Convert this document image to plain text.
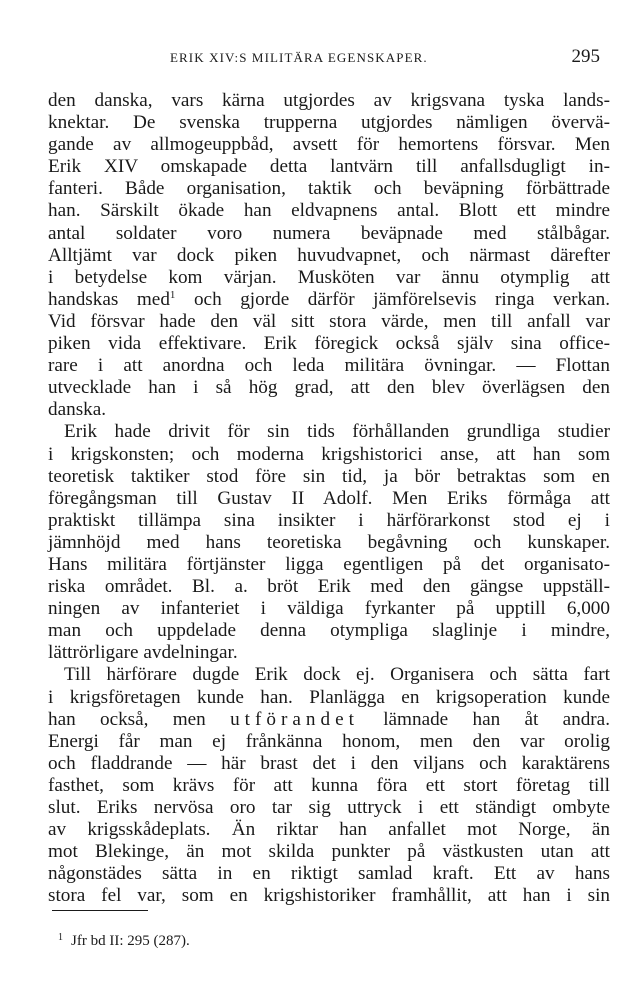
ERIK XIV:S MILITÄRA EGENSKAPER.	295
den danska, vars kärna utgjordes av krigsvana tyska lands-
knektar. De svenska trupperna utgjordes nämligen övervä-
gande av allmogeuppbåd, avsett för hemortens försvar. Men
Erik XIV omskapade detta lantvärn till anfallsdugligt in-
fanteri. Både organisation, taktik och beväpning förbättrade
han. Särskilt ökade han eldvapnens antal. Blott ett mindre
antal soldater voro numera beväpnade med stålbågar.
Alltjämt var dock piken huvudvapnet, och närmast därefter
i betydelse kom värjan. Musköten var ännu otymplig att
handskas med$^1$ och gjorde därför jämförelsevis ringa verkan.
Vid försvar hade den väl sitt stora värde, men till anfall var
piken vida effektivare. Erik föregick också själv sina office-
rare i att anordna och leda militära övningar. — Flottan
utvecklade han i så hög grad, att den blev överlägsen den
danska.
Erik hade drivit för sin tids förhållanden grundliga studier
i krigskonsten; och moderna krigshistorici anse, att han som
teoretisk taktiker stod före sin tid, ja bör betraktas som en
föregångsman till Gustav II Adolf. Men Eriks förmåga att
praktiskt tillämpa sina insikter i härförarkonst stod ej i
jämnhöjd med hans teoretiska begåvning och kunskaper.
Hans militära förtjänster ligga egentligen på det organisato-
riska området. Bl. a. bröt Erik med den gängse uppställ-
ningen av infanteriet i väldiga fyrkanter på upptill 6,000
man och uppdelade denna otympliga slaglinje i mindre,
lättrörligare avdelningar.
Till härförare dugde Erik dock ej. Organisera och sätta fart
i krigsföretagen kunde han. Planlägga en krigsoperation kunde
han också, men utförandet lämnade han åt andra.
Energi får man ej frånkänna honom, men den var orolig
och fladdrande — här brast det i den viljans och karaktärens
fasthet, som krävs för att kunna föra ett stort företag till
slut. Eriks nervösa oro tar sig uttryck i ett ständigt ombyte
av krigsskådeplats. Än riktar han anfallet mot Norge, än
mot Blekinge, än mot skilda punkter på västkusten utan att
någonstädes sätta in en riktigt samlad kraft. Ett av hans
stora fel var, som en krigshistoriker framhållit, att han i sin
$^1$ Jfr bd II: 295 (287).
